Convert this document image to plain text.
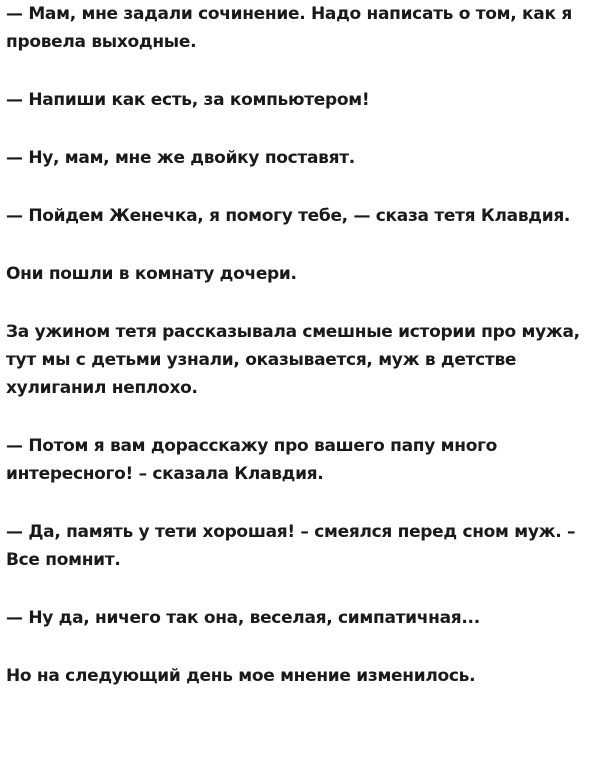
— Мам, мне задали сочинение. Надо написать о том, как я провела выходные.

— Напиши как есть, за компьютером!

— Ну, мам, мне же двойку поставят.

— Пойдем Женечка, я помогу тебе, — сказа тетя Клавдия.

Они пошли в комнату дочери.

За ужином тетя рассказывала смешные истории про мужа, тут мы с детьми узнали, оказывается, муж в детстве хулиганил неплохо.

— Потом я вам дорасскажу про вашего папу много интересного! – сказала Клавдия.

— Да, память у тети хорошая! – смеялся перед сном муж. – Все помнит.

— Ну да, ничего так она, веселая, симпатичная...

Но на следующий день мое мнение изменилось.
